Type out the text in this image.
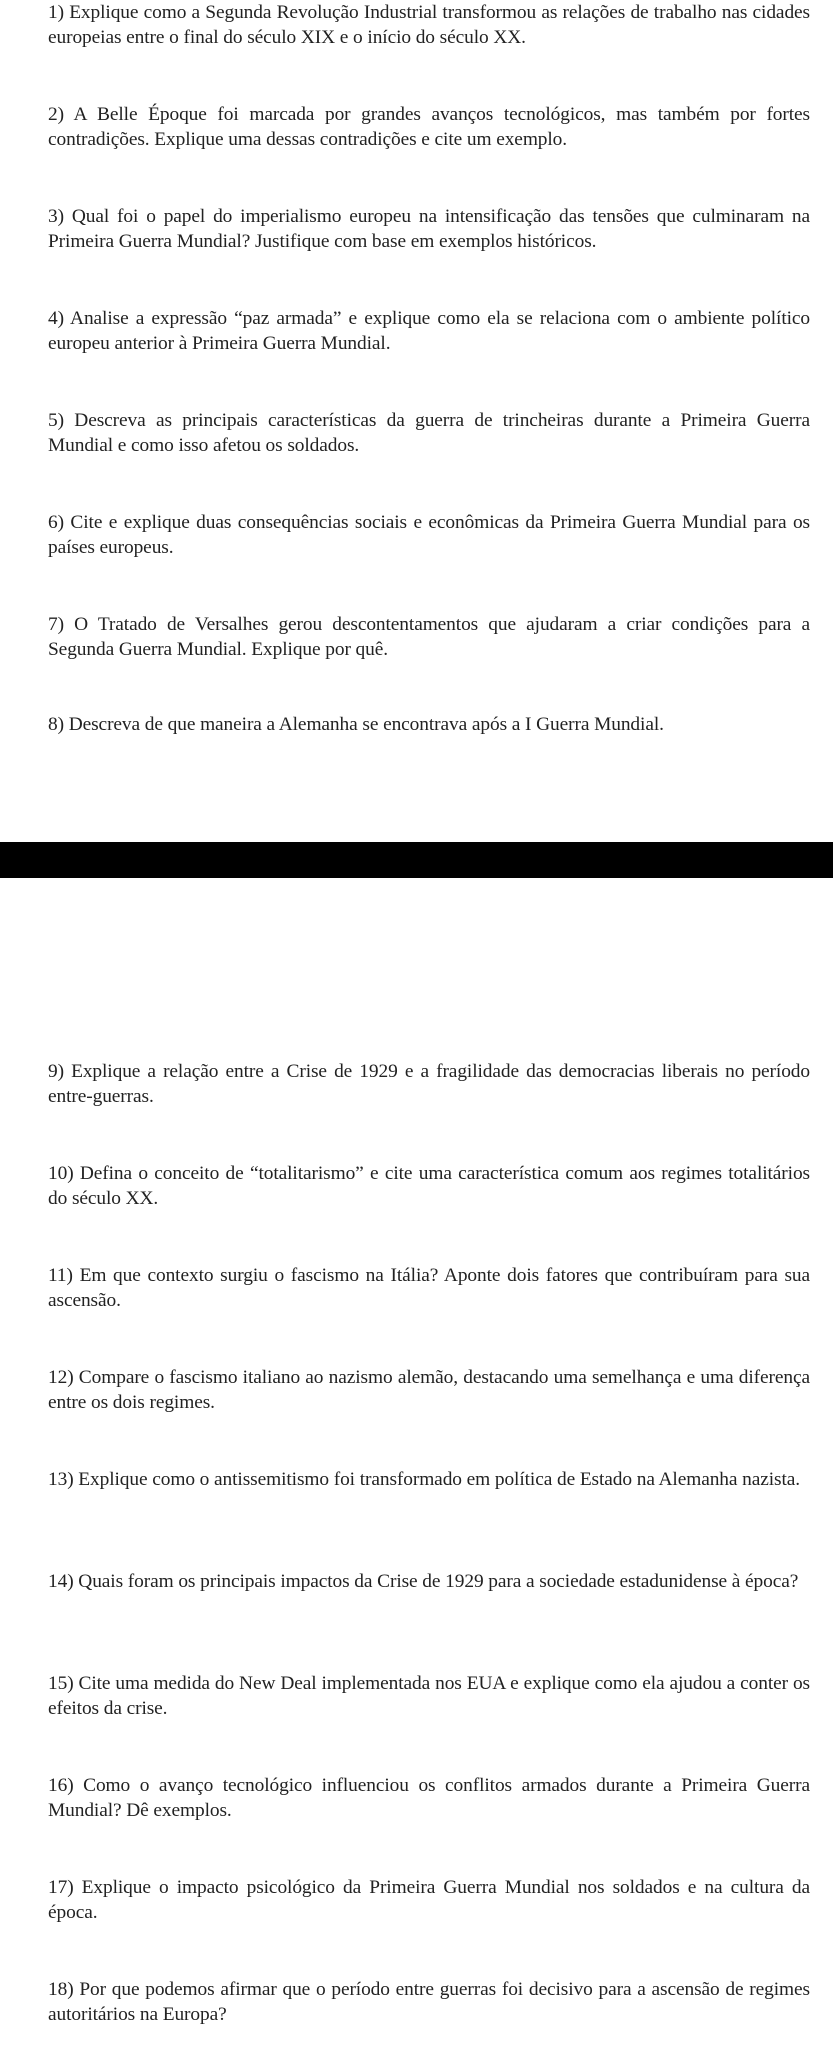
1) Explique como a Segunda Revolução Industrial transformou as relações de trabalho nas cidades europeias entre o final do século XIX e o início do século XX.

2) A Belle Époque foi marcada por grandes avanços tecnológicos, mas também por fortes contradições. Explique uma dessas contradições e cite um exemplo.

3) Qual foi o papel do imperialismo europeu na intensificação das tensões que culminaram na Primeira Guerra Mundial? Justifique com base em exemplos históricos.

4) Analise a expressão “paz armada” e explique como ela se relaciona com o ambiente político europeu anterior à Primeira Guerra Mundial.

5) Descreva as principais características da guerra de trincheiras durante a Primeira Guerra Mundial e como isso afetou os soldados.

6) Cite e explique duas consequências sociais e econômicas da Primeira Guerra Mundial para os países europeus.

7) O Tratado de Versalhes gerou descontentamentos que ajudaram a criar condições para a Segunda Guerra Mundial. Explique por quê.

8) Descreva de que maneira a Alemanha se encontrava após a I Guerra Mundial.

9) Explique a relação entre a Crise de 1929 e a fragilidade das democracias liberais no período entre-guerras.

10) Defina o conceito de “totalitarismo” e cite uma característica comum aos regimes totalitários do século XX.

11) Em que contexto surgiu o fascismo na Itália? Aponte dois fatores que contribuíram para sua ascensão.

12) Compare o fascismo italiano ao nazismo alemão, destacando uma semelhança e uma diferença entre os dois regimes.

13) Explique como o antissemitismo foi transformado em política de Estado na Alemanha nazista.

14) Quais foram os principais impactos da Crise de 1929 para a sociedade estadunidense à época?

15) Cite uma medida do New Deal implementada nos EUA e explique como ela ajudou a conter os efeitos da crise.

16) Como o avanço tecnológico influenciou os conflitos armados durante a Primeira Guerra Mundial? Dê exemplos.

17) Explique o impacto psicológico da Primeira Guerra Mundial nos soldados e na cultura da época.

18) Por que podemos afirmar que o período entre guerras foi decisivo para a ascensão de regimes autoritários na Europa?
